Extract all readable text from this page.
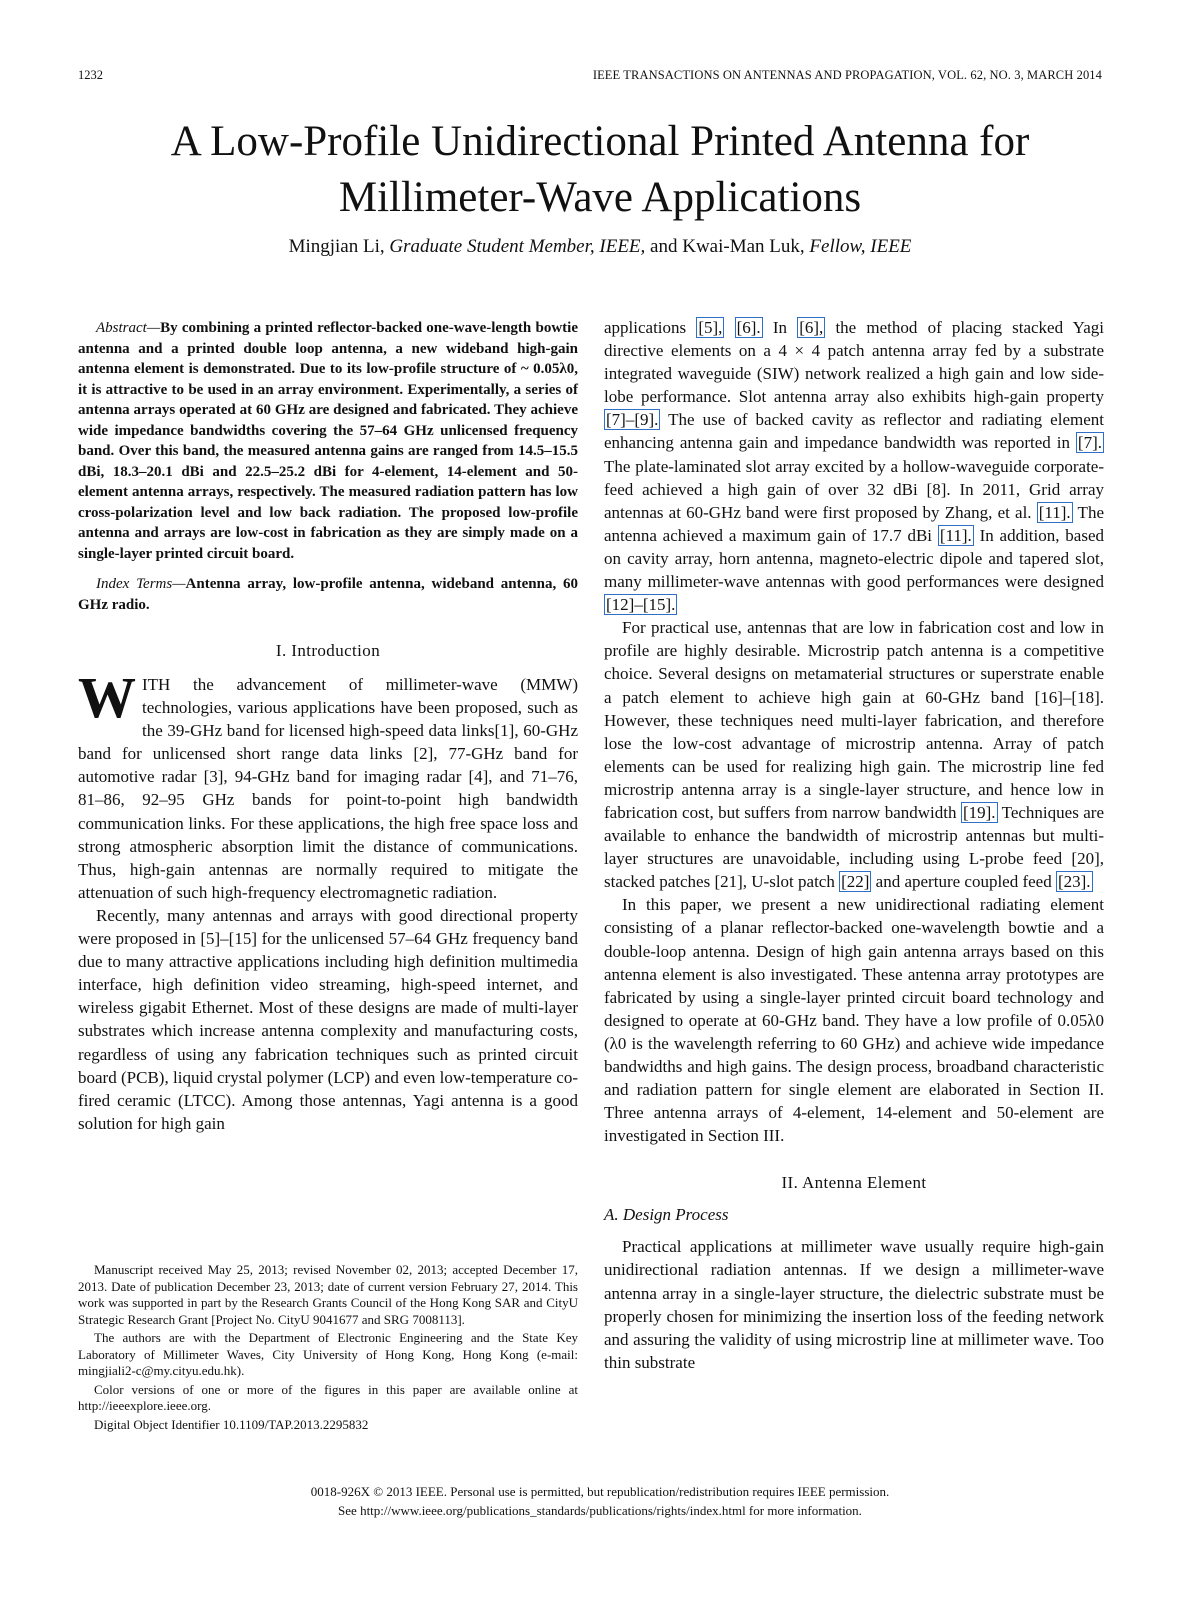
1232	IEEE TRANSACTIONS ON ANTENNAS AND PROPAGATION, VOL. 62, NO. 3, MARCH 2014
A Low-Profile Unidirectional Printed Antenna for
Millimeter-Wave Applications
Mingjian Li, Graduate Student Member, IEEE, and Kwai-Man Luk, Fellow, IEEE

Abstract—By combining a printed reflector-backed one-wave-length bowtie antenna and a printed double loop antenna, a new wideband high-gain antenna element is demonstrated. Due to its low-profile structure of ~ 0.05λ0, it is attractive to be used in an array environment. Experimentally, a series of antenna arrays operated at 60 GHz are designed and fabricated. They achieve wide impedance bandwidths covering the 57–64 GHz unlicensed frequency band. Over this band, the measured antenna gains are ranged from 14.5–15.5 dBi, 18.3–20.1 dBi and 22.5–25.2 dBi for 4-element, 14-element and 50-element antenna arrays, respectively. The measured radiation pattern has low cross-polarization level and low back radiation. The proposed low-profile antenna and arrays are low-cost in fabrication as they are simply made on a single-layer printed circuit board.

Index Terms—Antenna array, low-profile antenna, wideband antenna, 60 GHz radio.

I. Introduction

WITH the advancement of millimeter-wave (MMW) technologies, various applications have been proposed, such as the 39-GHz band for licensed high-speed data links[1], 60-GHz band for unlicensed short range data links [2], 77-GHz band for automotive radar [3], 94-GHz band for imaging radar [4], and 71–76, 81–86, 92–95 GHz bands for point-to-point high bandwidth communication links. For these applications, the high free space loss and strong atmospheric absorption limit the distance of communications. Thus, high-gain antennas are normally required to mitigate the attenuation of such high-frequency electromagnetic radiation.

Recently, many antennas and arrays with good directional property were proposed in [5]–[15] for the unlicensed 57–64 GHz frequency band due to many attractive applications including high definition multimedia interface, high definition video streaming, high-speed internet, and wireless gigabit Ethernet. Most of these designs are made of multi-layer substrates which increase antenna complexity and manufacturing costs, regardless of using any fabrication techniques such as printed circuit board (PCB), liquid crystal polymer (LCP) and even low-temperature co-fired ceramic (LTCC). Among those antennas, Yagi antenna is a good solution for high gain

Manuscript received May 25, 2013; revised November 02, 2013; accepted December 17, 2013. Date of publication December 23, 2013; date of current version February 27, 2014. This work was supported in part by the Research Grants Council of the Hong Kong SAR and CityU Strategic Research Grant [Project No. CityU 9041677 and SRG 7008113].

The authors are with the Department of Electronic Engineering and the State Key Laboratory of Millimeter Waves, City University of Hong Kong, Hong Kong (e-mail: mingjiali2-c@my.cityu.edu.hk).

Color versions of one or more of the figures in this paper are available online at http://ieeexplore.ieee.org.

Digital Object Identifier 10.1109/TAP.2013.2295832

applications [5], [6]. In [6], the method of placing stacked Yagi directive elements on a 4 × 4 patch antenna array fed by a substrate integrated waveguide (SIW) network realized a high gain and low side-lobe performance. Slot antenna array also exhibits high-gain property [7]–[9]. The use of backed cavity as reflector and radiating element enhancing antenna gain and impedance bandwidth was reported in [7]. The plate-laminated slot array excited by a hollow-waveguide corporate-feed achieved a high gain of over 32 dBi [8]. In 2011, Grid array antennas at 60-GHz band were first proposed by Zhang, et al. [11]. The antenna achieved a maximum gain of 17.7 dBi [11]. In addition, based on cavity array, horn antenna, magneto-electric dipole and tapered slot, many millimeter-wave antennas with good performances were designed [12]–[15].

For practical use, antennas that are low in fabrication cost and low in profile are highly desirable. Microstrip patch antenna is a competitive choice. Several designs on metamaterial structures or superstrate enable a patch element to achieve high gain at 60-GHz band [16]–[18]. However, these techniques need multi-layer fabrication, and therefore lose the low-cost advantage of microstrip antenna. Array of patch elements can be used for realizing high gain. The microstrip line fed microstrip antenna array is a single-layer structure, and hence low in fabrication cost, but suffers from narrow bandwidth [19]. Techniques are available to enhance the bandwidth of microstrip antennas but multi-layer structures are unavoidable, including using L-probe feed [20], stacked patches [21], U-slot patch [22] and aperture coupled feed [23].

In this paper, we present a new unidirectional radiating element consisting of a planar reflector-backed one-wavelength bowtie and a double-loop antenna. Design of high gain antenna arrays based on this antenna element is also investigated. These antenna array prototypes are fabricated by using a single-layer printed circuit board technology and designed to operate at 60-GHz band. They have a low profile of 0.05λ0 (λ0 is the wavelength referring to 60 GHz) and achieve wide impedance bandwidths and high gains. The design process, broadband characteristic and radiation pattern for single element are elaborated in Section II. Three antenna arrays of 4-element, 14-element and 50-element are investigated in Section III.

II. Antenna Element
A. Design Process

Practical applications at millimeter wave usually require high-gain unidirectional radiation antennas. If we design a millimeter-wave antenna array in a single-layer structure, the dielectric substrate must be properly chosen for minimizing the insertion loss of the feeding network and assuring the validity of using microstrip line at millimeter wave. Too thin substrate

0018-926X © 2013 IEEE. Personal use is permitted, but republication/redistribution requires IEEE permission.
See http://www.ieee.org/publications_standards/publications/rights/index.html for more information.
